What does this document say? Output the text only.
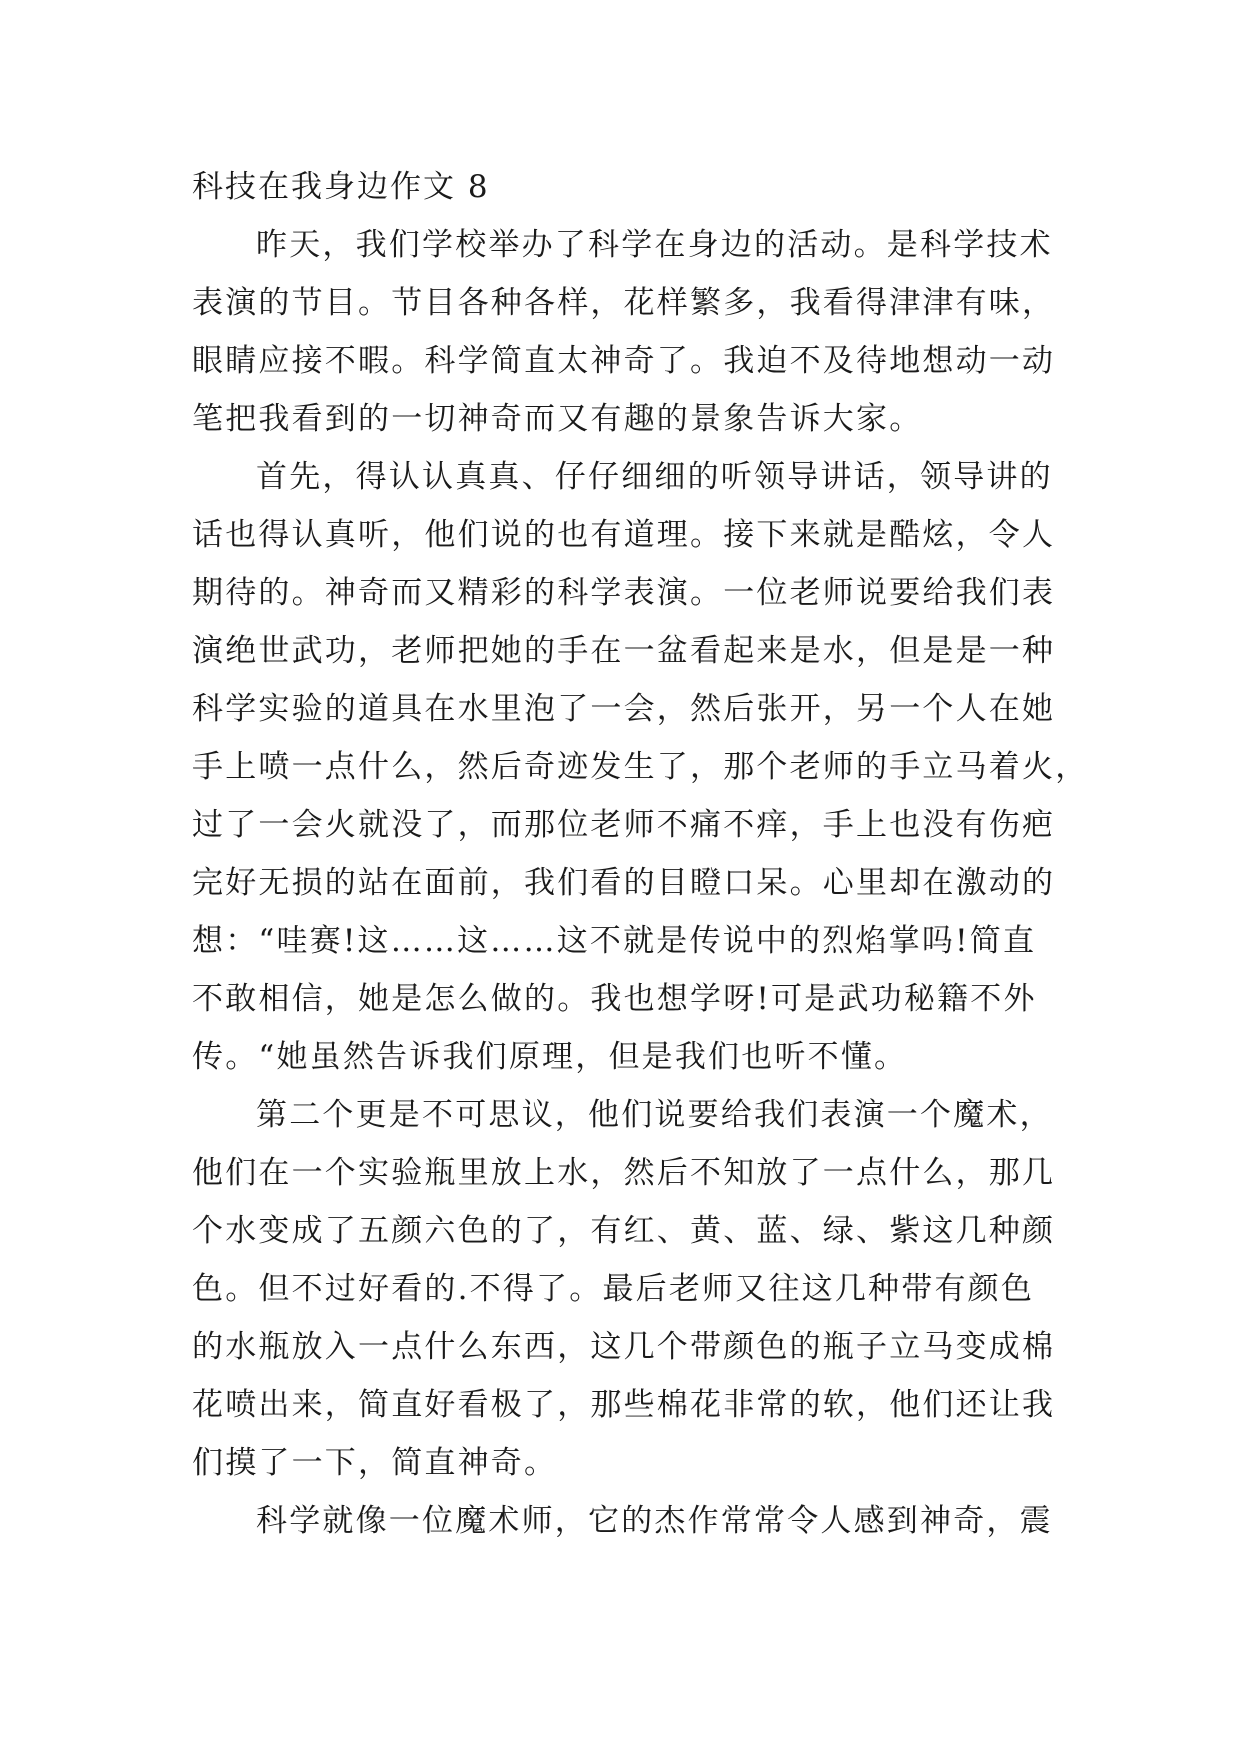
科技在我身边作文 8

昨天，我们学校举办了科学在身边的活动。是科学技术
表演的节目。节目各种各样，花样繁多，我看得津津有味，
眼睛应接不暇。科学简直太神奇了。我迫不及待地想动一动
笔把我看到的一切神奇而又有趣的景象告诉大家。

首先，得认认真真、仔仔细细的听领导讲话，领导讲的
话也得认真听，他们说的也有道理。接下来就是酷炫，令人
期待的。神奇而又精彩的科学表演。一位老师说要给我们表
演绝世武功，老师把她的手在一盆看起来是水，但是是一种
科学实验的道具在水里泡了一会，然后张开，另一个人在她
手上喷一点什么，然后奇迹发生了，那个老师的手立马着火，
过了一会火就没了，而那位老师不痛不痒，手上也没有伤疤
完好无损的站在面前，我们看的目瞪口呆。心里却在激动的
想：“哇赛!这……这……这不就是传说中的烈焰掌吗!简直
不敢相信，她是怎么做的。我也想学呀!可是武功秘籍不外
传。“她虽然告诉我们原理，但是我们也听不懂。

第二个更是不可思议，他们说要给我们表演一个魔术，
他们在一个实验瓶里放上水，然后不知放了一点什么，那几
个水变成了五颜六色的了，有红、黄、蓝、绿、紫这几种颜
色。但不过好看的.不得了。最后老师又往这几种带有颜色
的水瓶放入一点什么东西，这几个带颜色的瓶子立马变成棉
花喷出来，简直好看极了，那些棉花非常的软，他们还让我
们摸了一下，简直神奇。

科学就像一位魔术师，它的杰作常常令人感到神奇，震
